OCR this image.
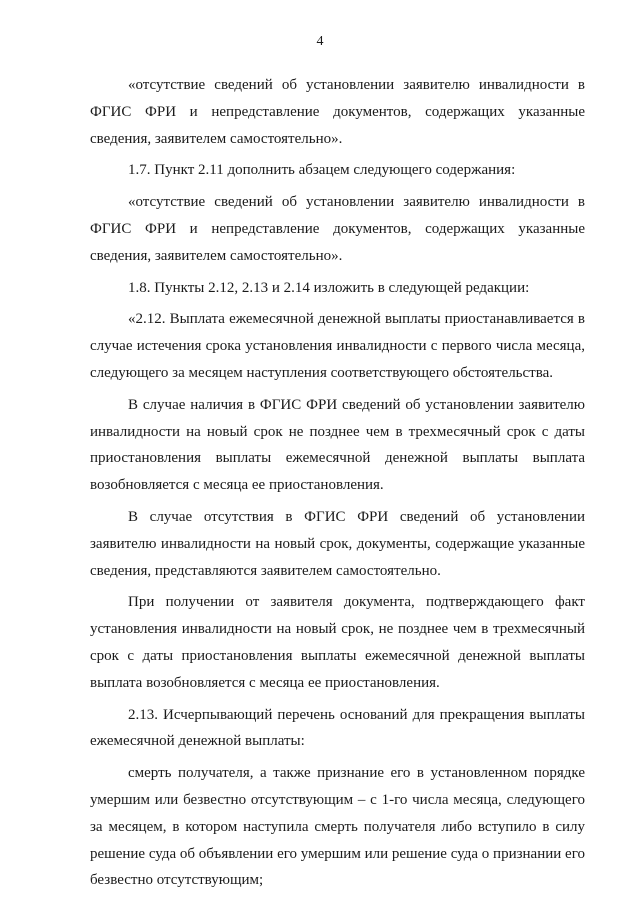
4

«отсутствие сведений об установлении заявителю инвалидности в ФГИС ФРИ и непредставление документов, содержащих указанные сведения, заявителем самостоятельно».

1.7. Пункт 2.11 дополнить абзацем следующего содержания:

«отсутствие сведений об установлении заявителю инвалидности в ФГИС ФРИ и непредставление документов, содержащих указанные сведения, заявителем самостоятельно».

1.8. Пункты 2.12, 2.13 и 2.14 изложить в следующей редакции:

«2.12. Выплата ежемесячной денежной выплаты приостанавливается в случае истечения срока установления инвалидности с первого числа месяца, следующего за месяцем наступления соответствующего обстоятельства.

В случае наличия в ФГИС ФРИ сведений об установлении заявителю инвалидности на новый срок не позднее чем в трехмесячный срок с даты приостановления выплаты ежемесячной денежной выплаты выплата возобновляется с месяца ее приостановления.

В случае отсутствия в ФГИС ФРИ сведений об установлении заявителю инвалидности на новый срок, документы, содержащие указанные сведения, представляются заявителем самостоятельно.

При получении от заявителя документа, подтверждающего факт установления инвалидности на новый срок, не позднее чем в трехмесячный срок с даты приостановления выплаты ежемесячной денежной выплаты выплата возобновляется с месяца ее приостановления.

2.13. Исчерпывающий перечень оснований для прекращения выплаты ежемесячной денежной выплаты:

смерть получателя, а также признание его в установленном порядке умершим или безвестно отсутствующим – с 1-го числа месяца, следующего за месяцем, в котором наступила смерть получателя либо вступило в силу решение суда об объявлении его умершим или решение суда о признании его безвестно отсутствующим;
